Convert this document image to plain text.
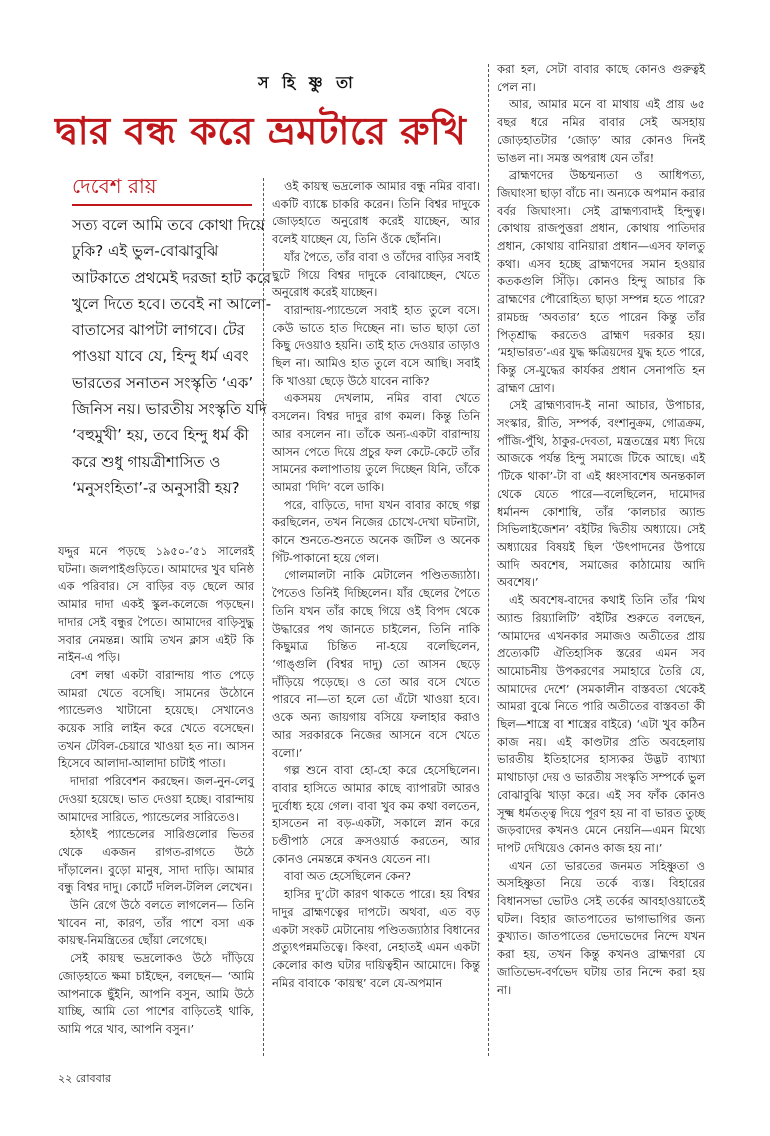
স হি ষ্ণু তা
দ্বার বন্ধ করে ভ্রমটারে রুখি
দেবেশ রায়

সত্য বলে আমি তবে কোথা দিয়ে ঢুকি? এই ভুল-বোঝাবুঝি আটকাতে প্রথমেই দরজা হাট করে খুলে দিতে হবে। তবেই না আলো-বাতাসের ঝাপটা লাগবে। টের পাওয়া যাবে যে, হিন্দু ধর্ম এবং ভারতের সনাতন সংস্কৃতি ‘এক’ জিনিস নয়। ভারতীয় সংস্কৃতি যদি ‘বহুমুখী’ হয়, তবে হিন্দু ধর্ম কী করে শুধু গায়ত্রীশাসিত ও ‘মনুসংহিতা’-র অনুসারী হয়?

যদ্দুর মনে পড়ছে ১৯৫০-’৫১ সালেরই ঘটনা। জলপাইগুড়িতে। আমাদের খুব ঘনিষ্ঠ এক পরিবার। সে বাড়ির বড় ছেলে আর আমার দাদা একই স্কুল-কলেজে পড়ছেন। দাদার সেই বন্ধুর পৈতে। আমাদের বাড়িসুদ্ধু সবার নেমন্তন্ন। আমি তখন ক্লাস এইট কি নাইন-এ পড়ি।

বেশ লম্বা একটা বারান্দায় পাত পেড়ে আমরা খেতে বসেছি। সামনের উঠোনে প্যান্ডেলও খাটানো হয়েছে। সেখানেও কয়েক সারি লাইন করে খেতে বসেছেন। তখন টেবিল-চেয়ারে খাওয়া হত না। আসন হিসেবে আলাদা-আলাদা চাটাই পাতা।

দাদারা পরিবেশন করছেন। জল-নুন-লেবু দেওয়া হয়েছে। ভাত দেওয়া হচ্ছে। বারান্দায় আমাদের সারিতে, প্যান্ডেলের সারিতেও।

হঠাৎই প্যান্ডেলের সারিগুলোর ভিতর থেকে একজন রাগত-রাগতে উঠে দাঁড়ালেন। বুড়ো মানুষ, সাদা দাড়ি। আমার বন্ধু বিশ্বর দাদু। কোর্টে দলিল-টলিল লেখেন।

উনি রেগে উঠে বলতে লাগলেন— তিনি খাবেন না, কারণ, তাঁর পাশে বসা এক কায়স্থ-নিমন্ত্রিতের ছোঁয়া লেগেছে।

সেই কায়স্থ ভদ্রলোকও উঠে দাঁড়িয়ে জোড়হাতে ক্ষমা চাইছেন, বলছেন— ‘আমি আপনাকে ছুঁইনি, আপনি বসুন, আমি উঠে যাচ্ছি, আমি তো পাশের বাড়িতেই থাকি, আমি পরে খাব, আপনি বসুন।’

ওই কায়স্থ ভদ্রলোক আমার বন্ধু নমির বাবা। একটি ব্যাঙ্কে চাকরি করেন। তিনি বিশ্বর দাদুকে জোড়হাতে অনুরোধ করেই যাচ্ছেন, আর বলেই যাচ্ছেন যে, তিনি ওঁকে ছোঁননি।

যাঁর পৈতে, তাঁর বাবা ও তাঁদের বাড়ির সবাই ছুটে গিয়ে বিশ্বর দাদুকে বোঝাচ্ছেন, খেতে অনুরোধ করেই যাচ্ছেন।

বারান্দায়-প্যান্ডেলে সবাই হাত তুলে বসে। কেউ ভাতে হাত দিচ্ছেন না। ভাত ছাড়া তো কিছু দেওয়াও হয়নি। তাই হাত দেওয়ার তাড়াও ছিল না। আমিও হাত তুলে বসে আছি। সবাই কি খাওয়া ছেড়ে উঠে যাবেন নাকি?

একসময় দেখলাম, নমির বাবা খেতে বসলেন। বিশ্বর দাদুর রাগ কমল। কিন্তু তিনি আর বসলেন না। তাঁকে অন্য-একটা বারান্দায় আসন পেতে দিয়ে প্রচুর ফল কেটে-কেটে তাঁর সামনের কলাপাতায় তুলে দিচ্ছেন যিনি, তাঁকে আমরা ‘দিদি’ বলে ডাকি।

পরে, বাড়িতে, দাদা যখন বাবার কাছে গল্প করছিলেন, তখন নিজের চোখে-দেখা ঘটনাটা, কানে শুনতে-শুনতে অনেক জটিল ও অনেক গিঁট-পাকানো হয়ে গেল।

গোলমালটা নাকি মেটালেন পণ্ডিতজ্যাঠা। পৈতেও তিনিই দিচ্ছিলেন। যাঁর ছেলের পৈতে তিনি যখন তাঁর কাছে গিয়ে ওই বিপদ থেকে উদ্ধারের পথ জানতে চাইলেন, তিনি নাকি কিছুমাত্র চিন্তিত না-হয়ে বলেছিলেন, ‘গাঙ্গুলি (বিশ্বর দাদু) তো আসন ছেড়ে দাঁড়িয়ে পড়েছে। ও তো আর বসে খেতে পারবে না—তা হলে তো এঁটো খাওয়া হবে। ওকে অন্য জায়গায় বসিয়ে ফলাহার করাও আর সরকারকে নিজের আসনে বসে খেতে বলো।’

গল্প শুনে বাবা হো-হো করে হেসেছিলেন। বাবার হাসিতে আমার কাছে ব্যাপারটা আরও দুর্বোধ্য হয়ে গেল। বাবা খুব কম কথা বলতেন, হাসতেন না বড়-একটা, সকালে স্নান করে চণ্ডীপাঠ সেরে ক্রসওয়ার্ড করতেন, আর কোনও নেমন্তন্নে কখনও যেতেন না।

বাবা অত হেসেছিলেন কেন?

হাসির দু’টো কারণ থাকতে পারে। হয় বিশ্বর দাদুর ব্রাহ্মণত্বের দাপটে। অথবা, এত বড় একটা সংকট মেটানোয় পণ্ডিতজ্যাঠার বিধানের প্রত্যুৎপন্নমতিত্বে। কিংবা, নেহাতই এমন একটা কেলোর কাণ্ড ঘটার দায়িত্বহীন আমোদে। কিন্তু নমির বাবাকে ‘কায়স্থ’ বলে যে-অপমান

করা হল, সেটা বাবার কাছে কোনও গুরুত্বই পেল না।

আর, আমার মনে বা মাথায় এই প্রায় ৬৫ বছর ধরে নমির বাবার সেই অসহায় জোড়হাতটার ‘জোড়’ আর কোনও দিনই ভাঙল না। সমস্ত অপরাধ যেন তাঁর!

ব্রাহ্মণদের উচ্চম্মন্যতা ও আধিপত্য, জিঘাংসা ছাড়া বাঁচে না। অন্যকে অপমান করার বর্বর জিঘাংসা। সেই ব্রাহ্মণ্যবাদই হিন্দুত্ব। কোথায় রাজপুত্তরা প্রধান, কোথায় পাতিদার প্রধান, কোথায় বানিয়ারা প্রধান—এসব ফালতু কথা। এসব হচ্ছে ব্রাহ্মণদের সমান হওয়ার কতকগুলি সিঁড়ি। কোনও হিন্দু আচার কি ব্রাহ্মণের পৌরোহিত্য ছাড়া সম্পন্ন হতে পারে? রামচন্দ্র ‘অবতার’ হতে পারেন কিন্তু তাঁর পিতৃশ্রাদ্ধ করতেও ব্রাহ্মণ দরকার হয়। ‘মহাভারত’-এর যুদ্ধ ক্ষত্রিয়দের যুদ্ধ হতে পারে, কিন্তু সে-যুদ্ধের কার্যকর প্রধান সেনাপতি হন ব্রাহ্মণ দ্রোণ।

সেই ব্রাহ্মণ্যবাদ-ই নানা আচার, উপাচার, সংস্কার, রীতি, সম্পর্ক, বংশানুক্রম, গোত্রক্রম, পাঁজি-পুঁথি, ঠাকুর-দেবতা, মন্ত্রতন্ত্রের মধ্য দিয়ে আজকে পর্যন্ত হিন্দু সমাজে টিকে আছে। এই ‘টিকে থাকা’-টা বা এই ধ্বংসাবশেষ অনন্তকাল থেকে যেতে পারে—বলেছিলেন, দামোদর ধর্মানন্দ কোশাম্বি, তাঁর ‘কালচার অ্যান্ড সিভিলাইজেশন’ বইটির দ্বিতীয় অধ্যায়ে। সেই অধ্যায়ের বিষয়ই ছিল ‘উৎপাদনের উপায়ে আদি অবশেষ, সমাজের কাঠামোয় আদি অবশেষ।’

এই অবশেষ-বাদের কথাই তিনি তাঁর ‘মিথ অ্যান্ড রিয়্যালিটি’ বইটির শুরুতে বলছেন, ‘আমাদের এখনকার সমাজও অতীতের প্রায় প্রত্যেকটি ঐতিহাসিক স্তরের এমন সব আমোচনীয় উপকরণের সমাহারে তৈরি যে, আমাদের দেশে’ (সমকালীন বাস্তবতা থেকেই আমরা বুঝে নিতে পারি অতীতের বাস্তবতা কী ছিল—শাস্ত্রে বা শাস্ত্রের বাইরে) ‘এটা খুব কঠিন কাজ নয়। এই কাণ্ডটার প্রতি অবহেলায় ভারতীয় ইতিহাসের হাস্যকর উদ্ভট ব্যাখ্যা মাথাচাড়া দেয় ও ভারতীয় সংস্কৃতি সম্পর্কে ভুল বোঝাবুঝি খাড়া করে। এই সব ফাঁক কোনও সূক্ষ্ম ধর্মতত্ত্ব দিয়ে পূরণ হয় না বা ভারত তুচ্ছ জড়বাদের কখনও মেনে নেয়নি—এমন মিথ্যে দাপট দেখিয়েও কোনও কাজ হয় না।’

এখন তো ভারতের জনমত সহিষ্ণুতা ও অসহিষ্ণুতা নিয়ে তর্কে ব্যস্ত। বিহারের বিধানসভা ভোটও সেই তর্কের আবহাওয়াতেই ঘটল। বিহার জাতপাতের ভাগাভাগির জন্য কুখ্যাত। জাতপাতের ভেদাভেদের নিন্দে যখন করা হয়, তখন কিন্তু কখনও ব্রাহ্মণরা যে জাতিভেদ-বর্ণভেদ ঘটায় তার নিন্দে করা হয় না।

২২ রোববার
